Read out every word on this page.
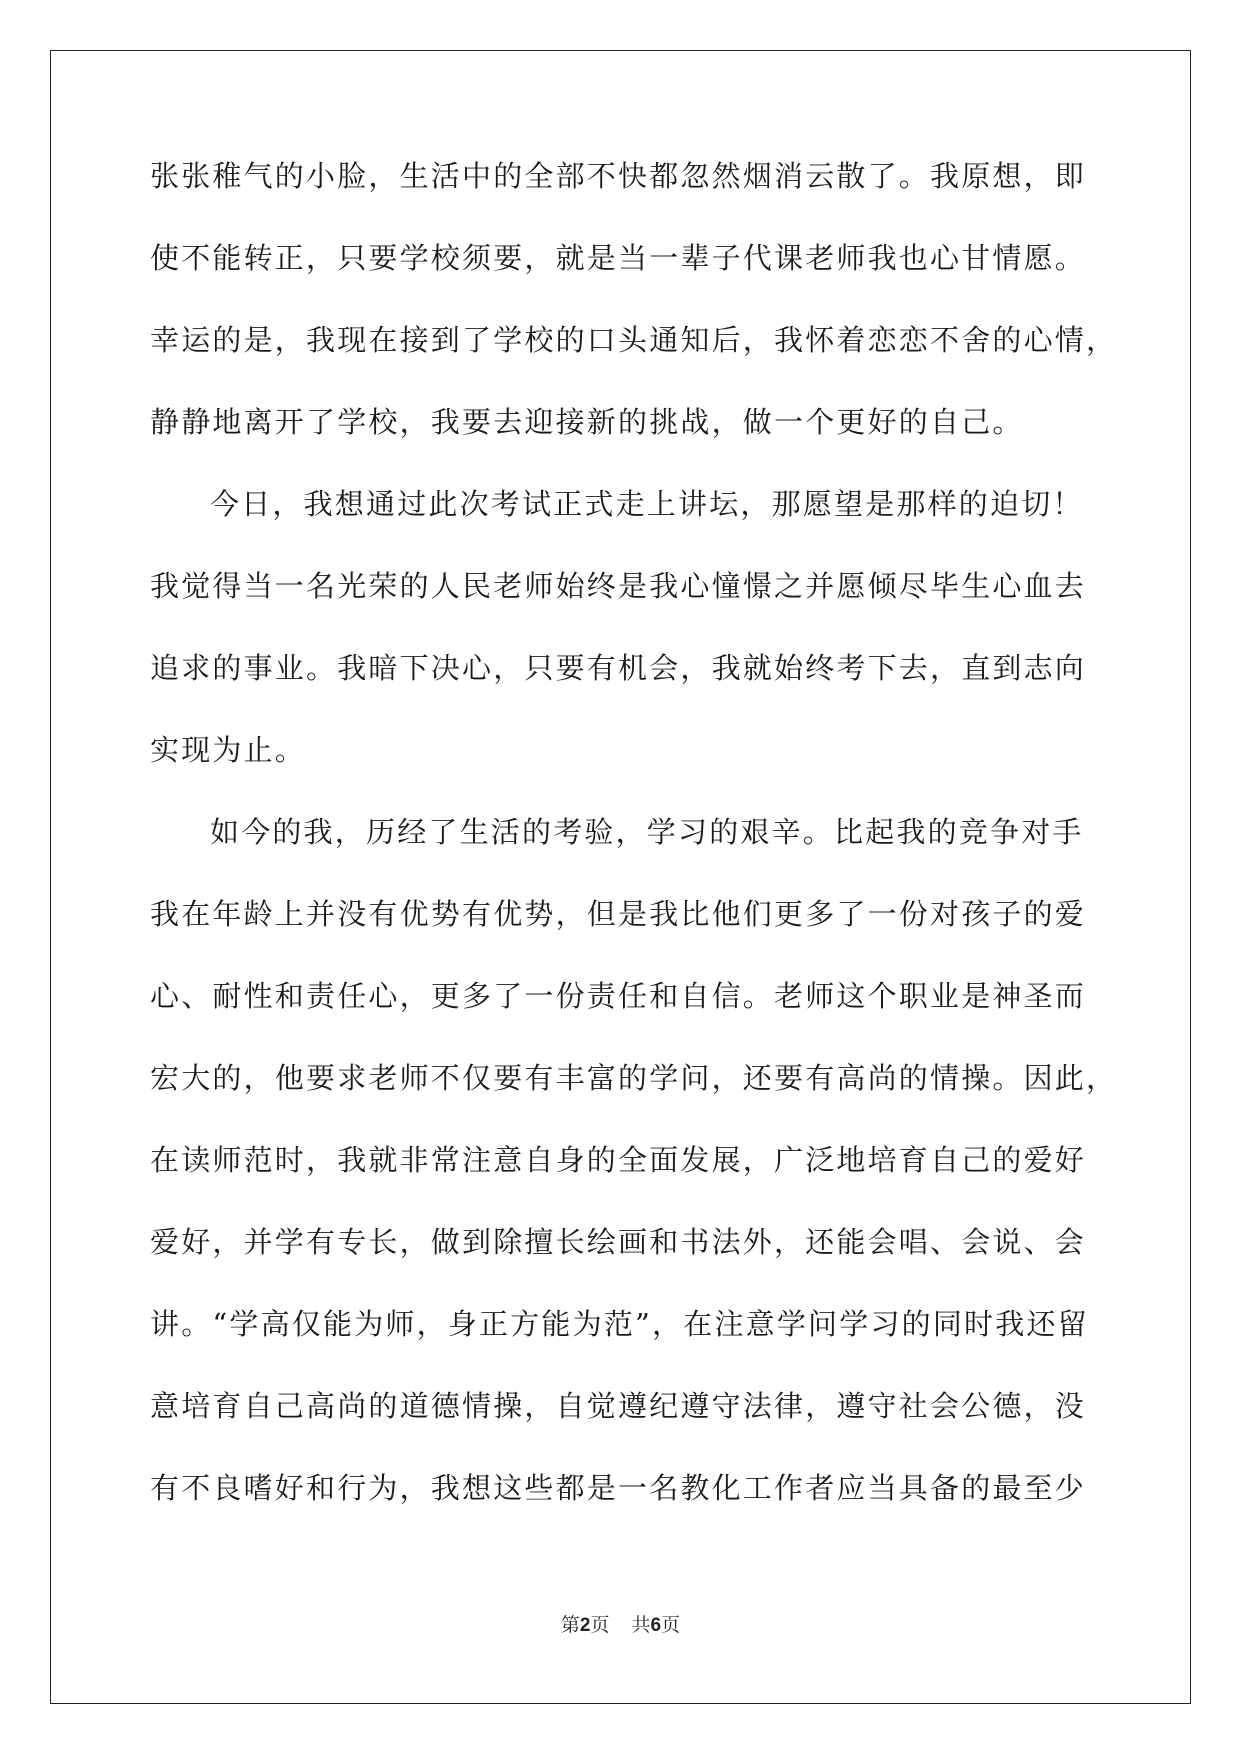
张张稚气的小脸，生活中的全部不快都忽然烟消云散了。我原想，即
使不能转正，只要学校须要，就是当一辈子代课老师我也心甘情愿。
幸运的是，我现在接到了学校的口头通知后，我怀着恋恋不舍的心情，
静静地离开了学校，我要去迎接新的挑战，做一个更好的自己。
今日，我想通过此次考试正式走上讲坛，那愿望是那样的迫切！
我觉得当一名光荣的人民老师始终是我心憧憬之并愿倾尽毕生心血去
追求的事业。我暗下决心，只要有机会，我就始终考下去，直到志向
实现为止。
如今的我，历经了生活的考验，学习的艰辛。比起我的竞争对手
我在年龄上并没有优势有优势，但是我比他们更多了一份对孩子的爱
心、耐性和责任心，更多了一份责任和自信。老师这个职业是神圣而
宏大的，他要求老师不仅要有丰富的学问，还要有高尚的情操。因此，
在读师范时，我就非常注意自身的全面发展，广泛地培育自己的爱好
爱好，并学有专长，做到除擅长绘画和书法外，还能会唱、会说、会
讲。“学高仅能为师，身正方能为范”，在注意学问学习的同时我还留
意培育自己高尚的道德情操，自觉遵纪遵守法律，遵守社会公德，没
有不良嗜好和行为，我想这些都是一名教化工作者应当具备的最至少
第2页 共6页
